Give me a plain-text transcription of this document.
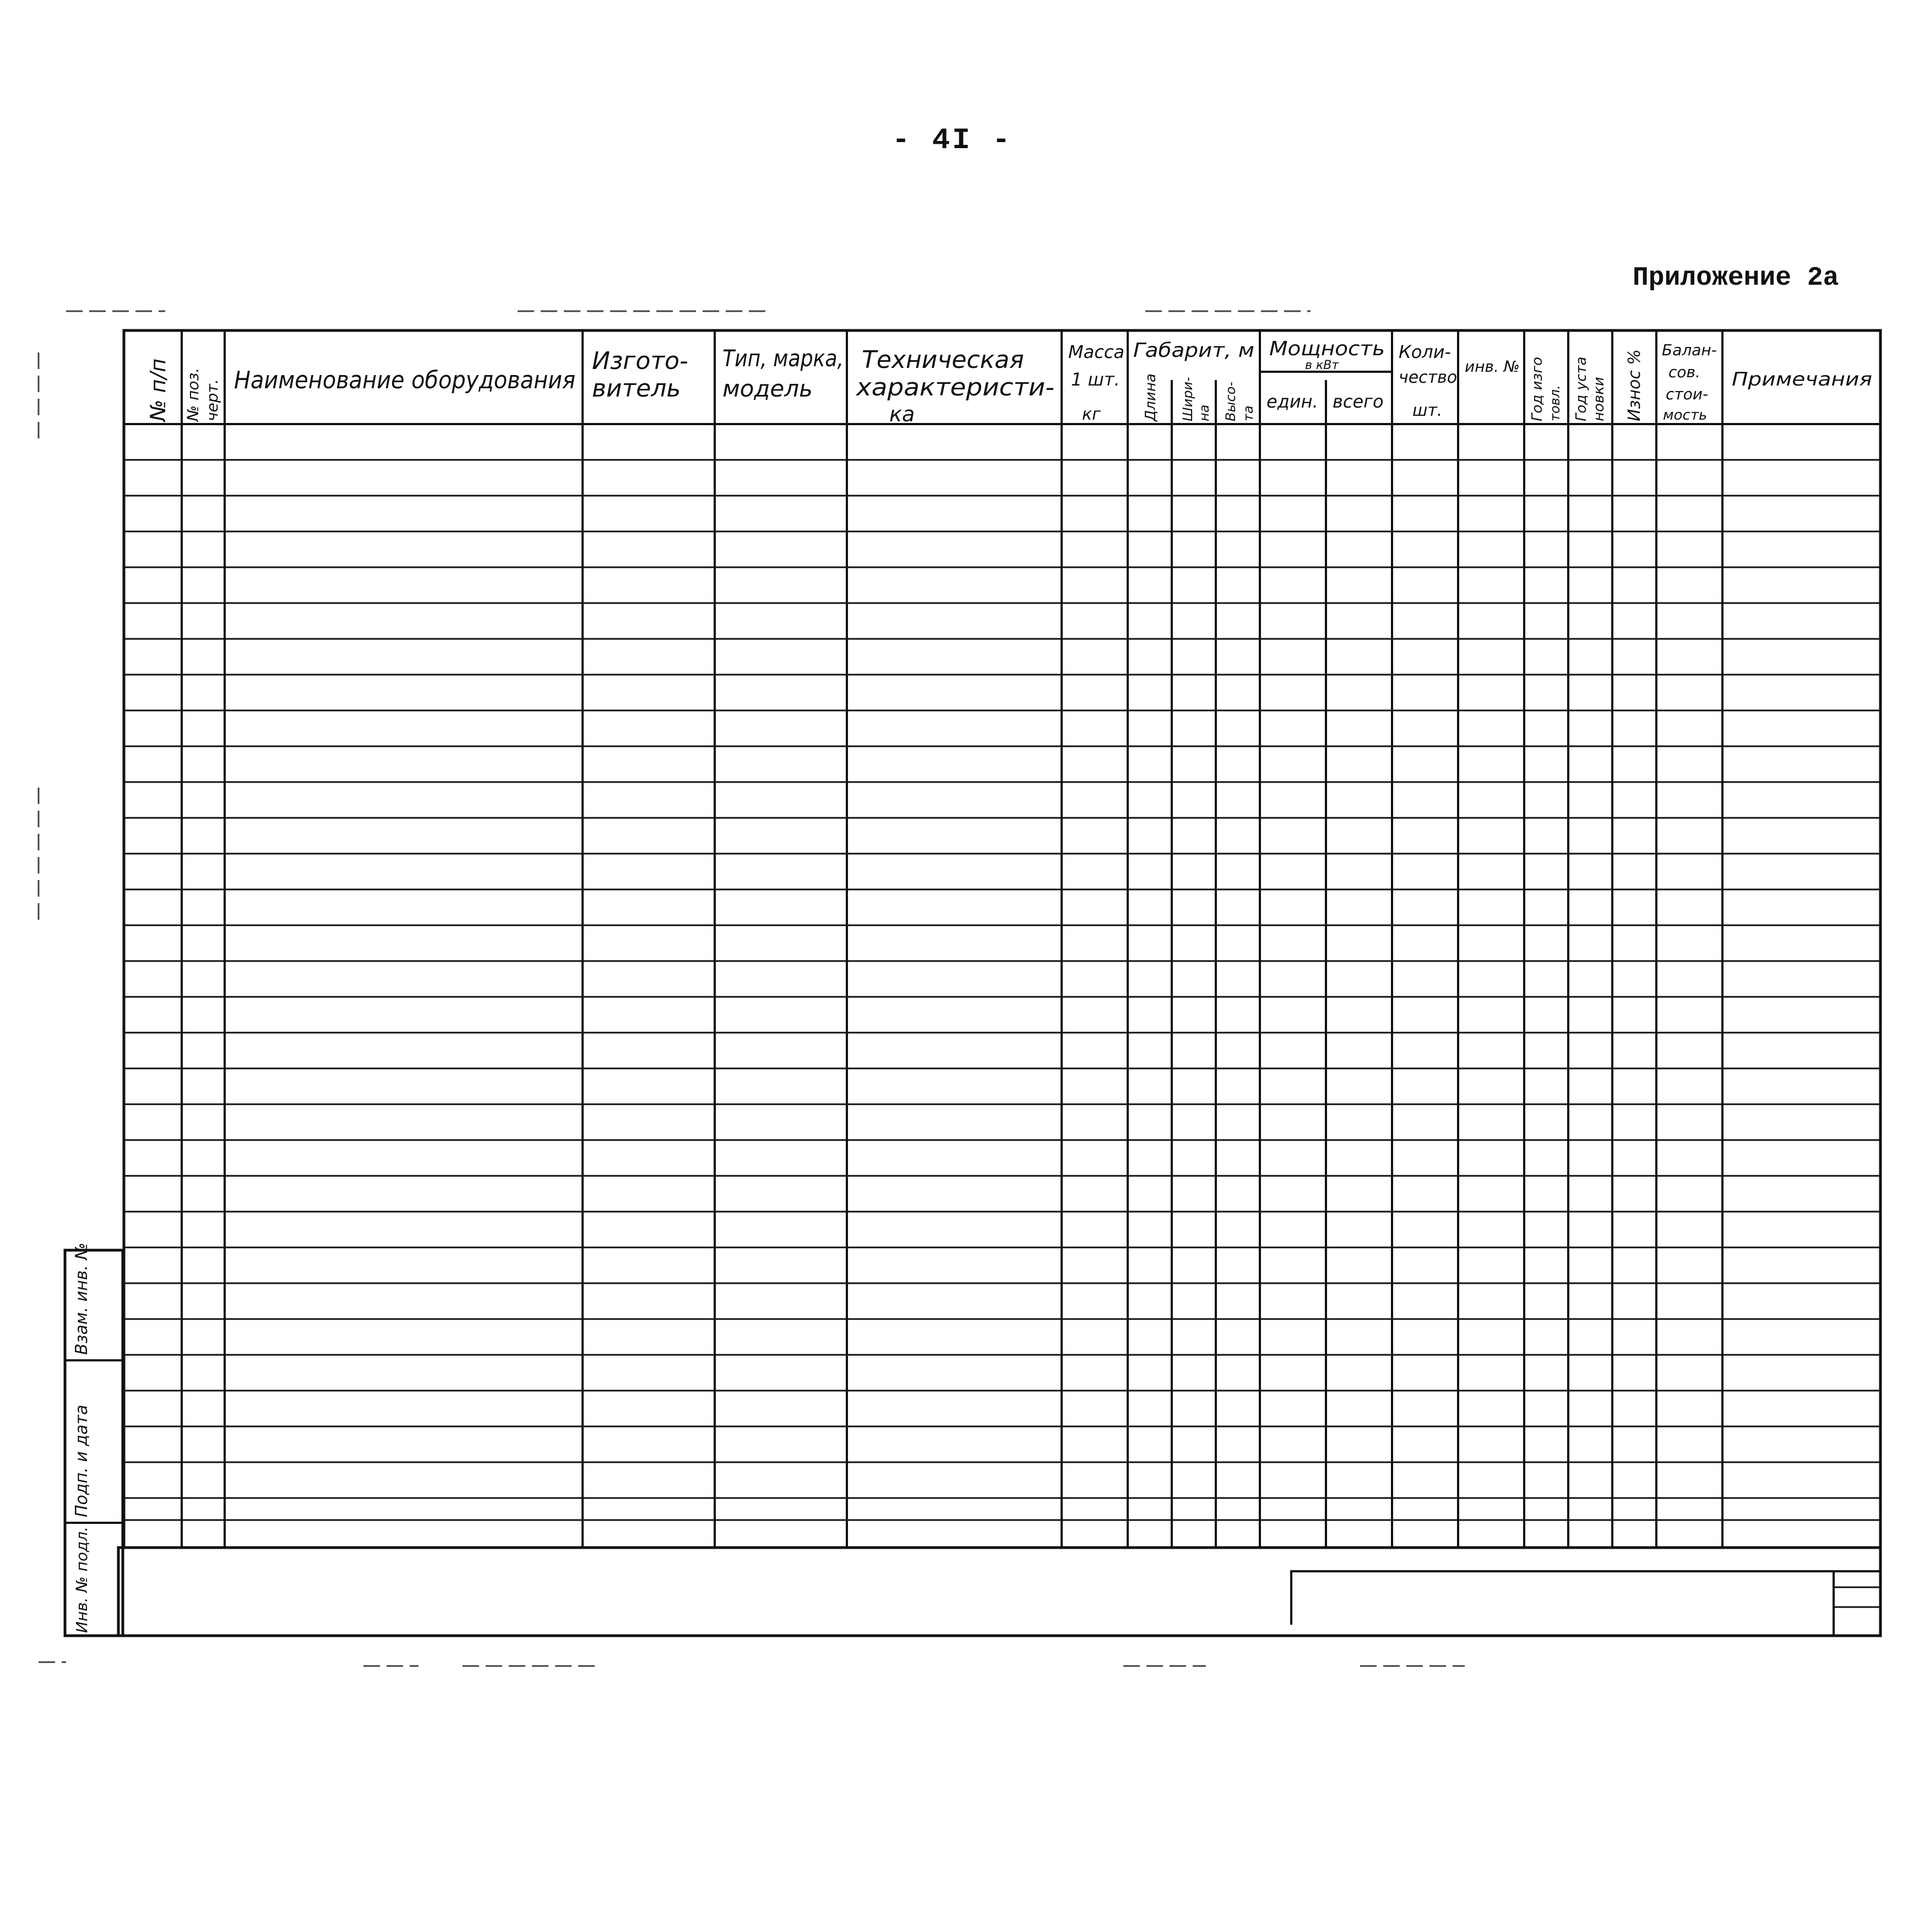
- 4I -
Приложение 2а
№ п/п № поз. черт. Наименование оборудования
Изгото-
витель
Тип, марка,
модель
Техническая
характеристи-
ка
Масса
1 шт.
кг
Габарит, м
Длина Шири- на Высо- та
Мощность
в кВт
един. всего
Коли-
чество
шт.
инв. № Год изго товл. Год уста новки Износ % Балан-
сов.
стои-
мость
Примечания
Взам. инв. №
Подп. и дата
Инв. № подл.
